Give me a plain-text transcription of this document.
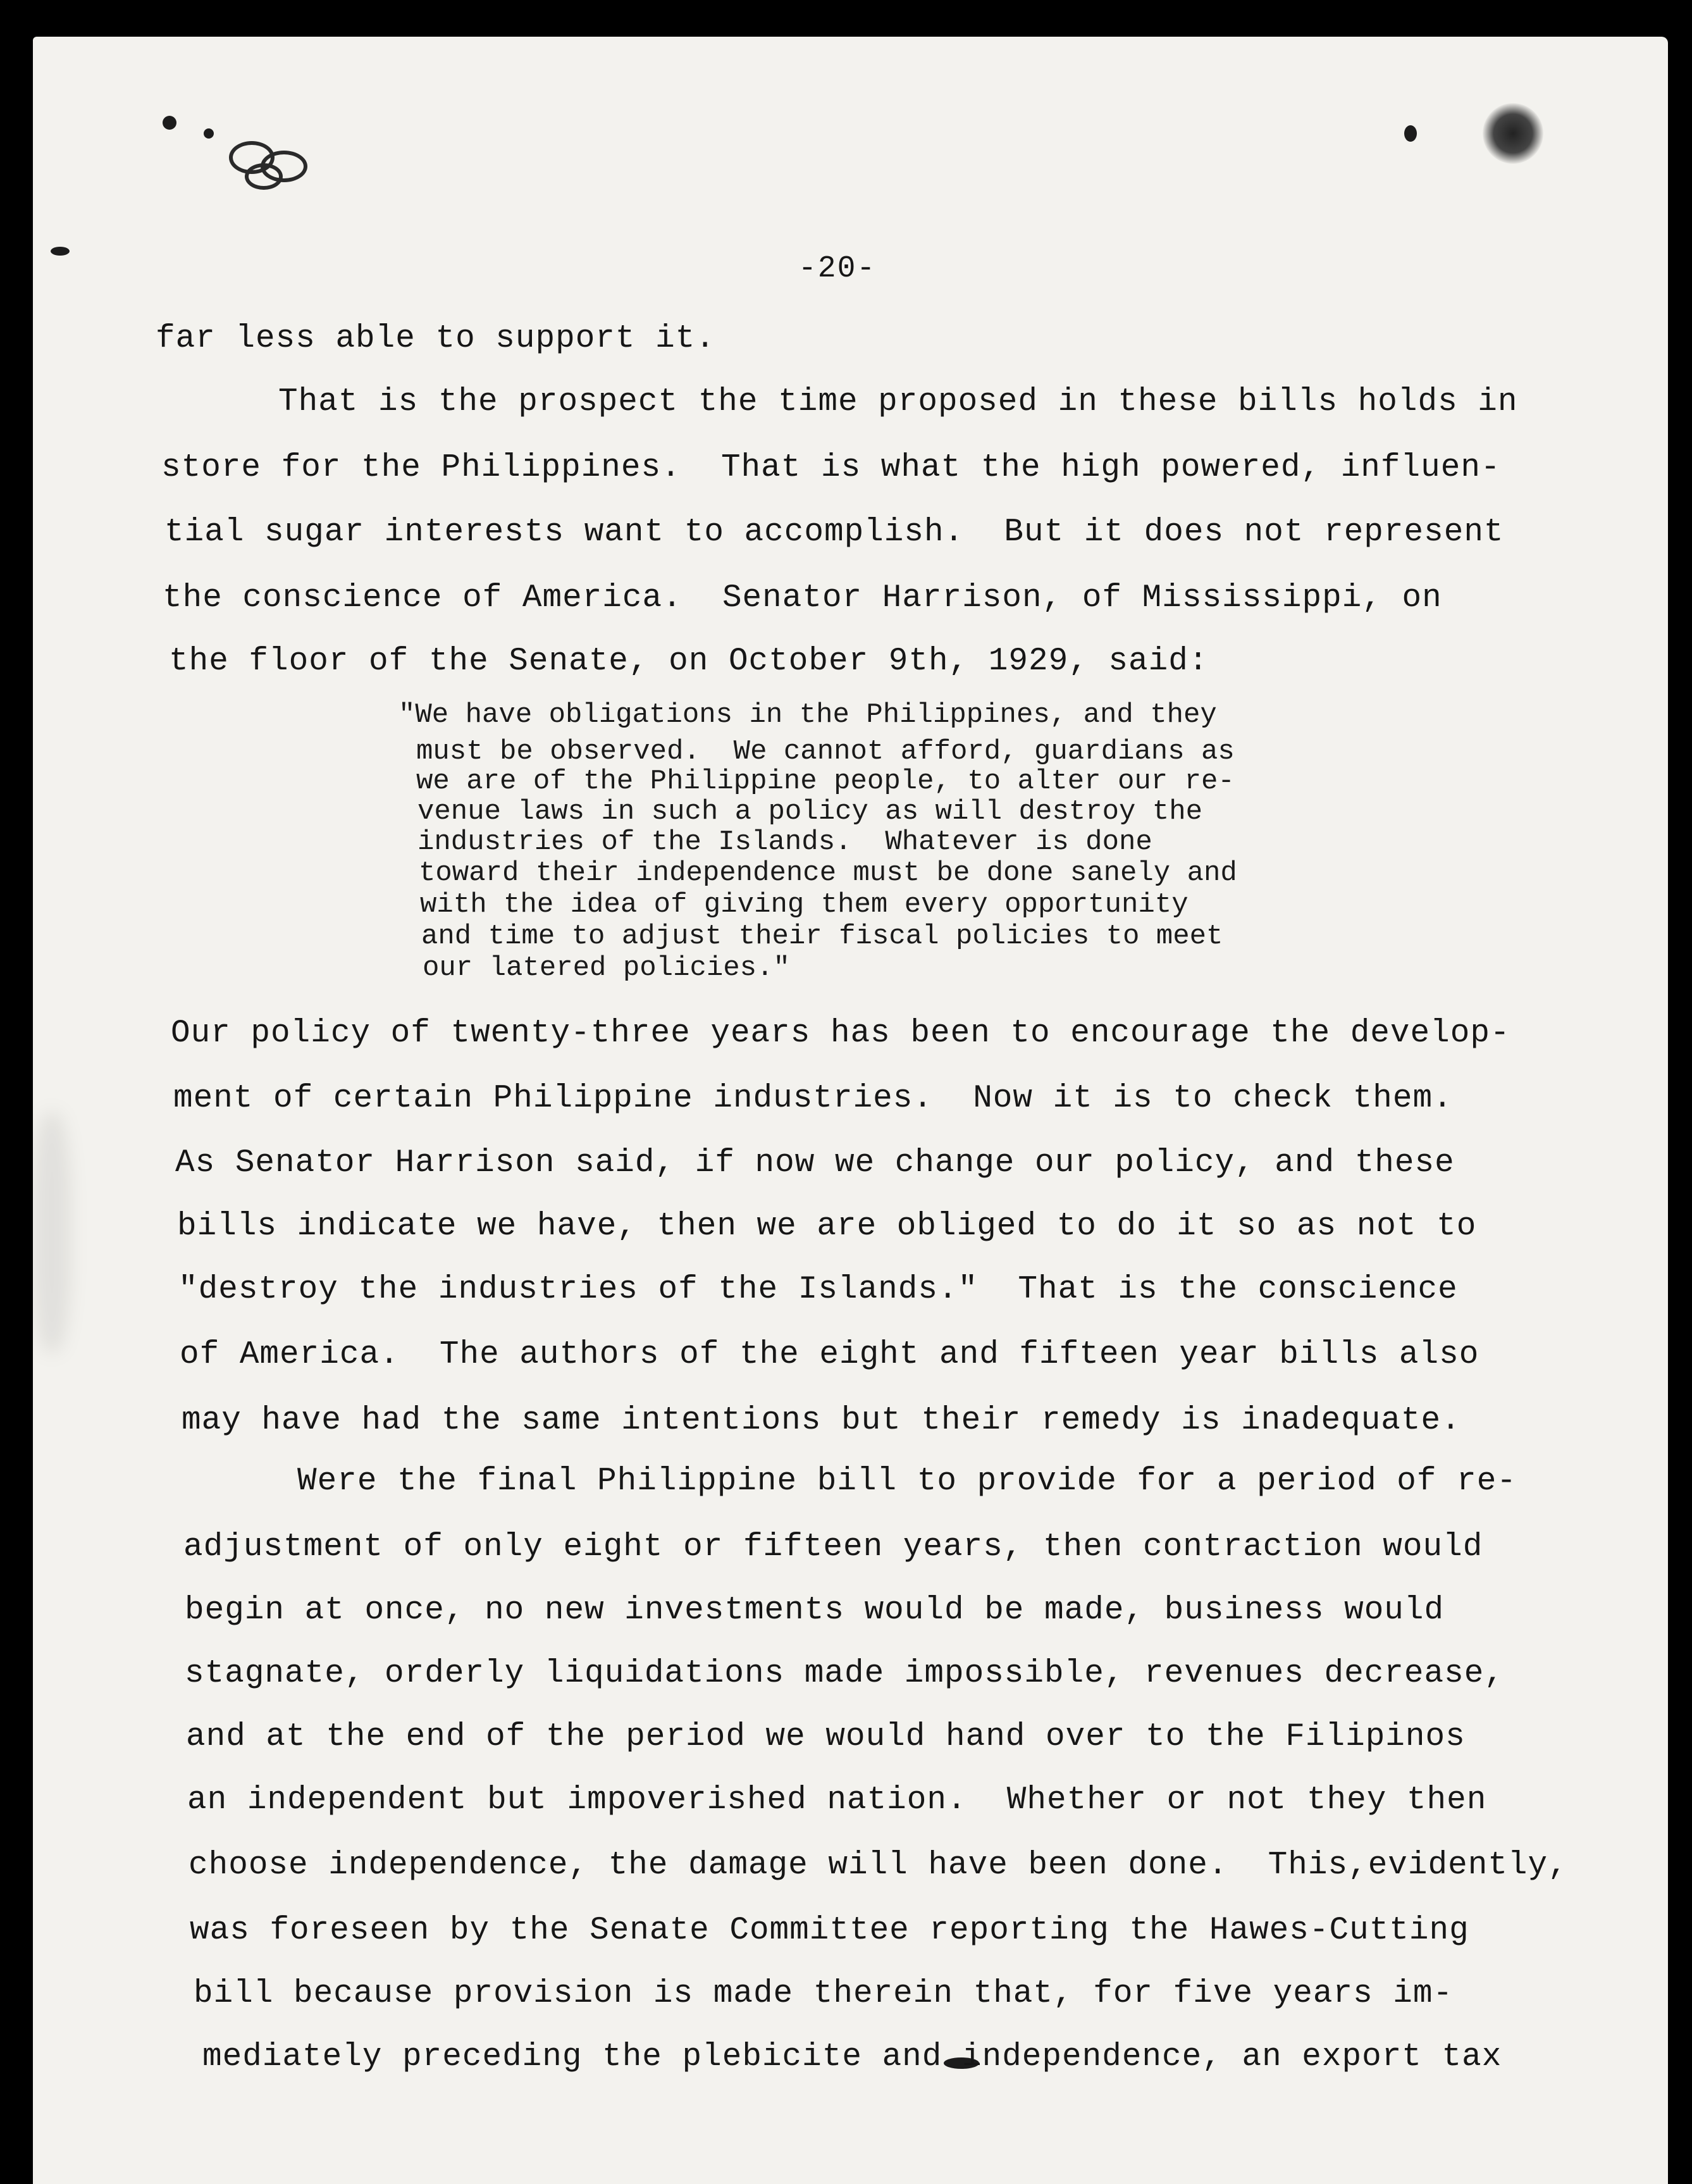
-20-
far less able to support it.
That is the prospect the time proposed in these bills holds in
store for the Philippines.  That is what the high powered, influen-
tial sugar interests want to accomplish.  But it does not represent
the conscience of America.  Senator Harrison, of Mississippi, on
the floor of the Senate, on October 9th, 1929, said:
"We have obligations in the Philippines, and they
must be observed.  We cannot afford, guardians as
we are of the Philippine people, to alter our re-
venue laws in such a policy as will destroy the
industries of the Islands.  Whatever is done
toward their independence must be done sanely and
with the idea of giving them every opportunity
and time to adjust their fiscal policies to meet
our latered policies."
Our policy of twenty-three years has been to encourage the develop-
ment of certain Philippine industries.  Now it is to check them.
As Senator Harrison said, if now we change our policy, and these
bills indicate we have, then we are obliged to do it so as not to
"destroy the industries of the Islands."  That is the conscience
of America.  The authors of the eight and fifteen year bills also
may have had the same intentions but their remedy is inadequate.
Were the final Philippine bill to provide for a period of re-
adjustment of only eight or fifteen years, then contraction would
begin at once, no new investments would be made, business would
stagnate, orderly liquidations made impossible, revenues decrease,
and at the end of the period we would hand over to the Filipinos
an independent but impoverished nation.  Whether or not they then
choose independence, the damage will have been done.  This,evidently,
was foreseen by the Senate Committee reporting the Hawes-Cutting
bill because provision is made therein that, for five years im-
mediately preceding the plebicite and independence, an export tax
